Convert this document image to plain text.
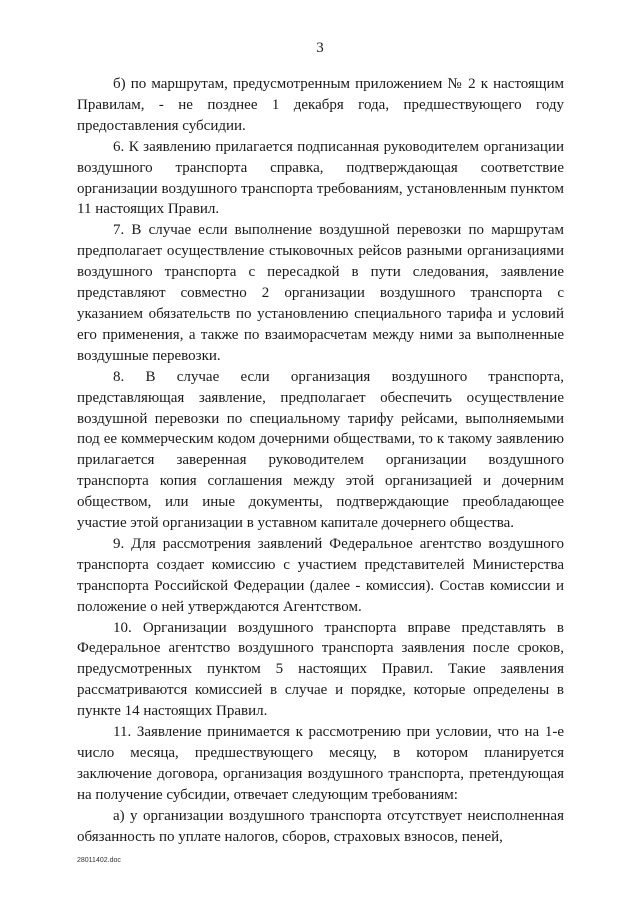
3

б) по маршрутам, предусмотренным приложением № 2 к настоящим Правилам, - не позднее 1 декабря года, предшествующего году предоставления субсидии.

6. К заявлению прилагается подписанная руководителем организации воздушного транспорта справка, подтверждающая соответствие организации воздушного транспорта требованиям, установленным пунктом 11 настоящих Правил.

7. В случае если выполнение воздушной перевозки по маршрутам предполагает осуществление стыковочных рейсов разными организациями воздушного транспорта с пересадкой в пути следования, заявление представляют совместно 2 организации воздушного транспорта с указанием обязательств по установлению специального тарифа и условий его применения, а также по взаиморасчетам между ними за выполненные воздушные перевозки.

8. В случае если организация воздушного транспорта, представляющая заявление, предполагает обеспечить осуществление воздушной перевозки по специальному тарифу рейсами, выполняемыми под ее коммерческим кодом дочерними обществами, то к такому заявлению прилагается заверенная руководителем организации воздушного транспорта копия соглашения между этой организацией и дочерним обществом, или иные документы, подтверждающие преобладающее участие этой организации в уставном капитале дочернего общества.

9. Для рассмотрения заявлений Федеральное агентство воздушного транспорта создает комиссию с участием представителей Министерства транспорта Российской Федерации (далее - комиссия). Состав комиссии и положение о ней утверждаются Агентством.

10. Организации воздушного транспорта вправе представлять в Федеральное агентство воздушного транспорта заявления после сроков, предусмотренных пунктом 5 настоящих Правил. Такие заявления рассматриваются комиссией в случае и порядке, которые определены в пункте 14 настоящих Правил.

11. Заявление принимается к рассмотрению при условии, что на 1-е число месяца, предшествующего месяцу, в котором планируется заключение договора, организация воздушного транспорта, претендующая на получение субсидии, отвечает следующим требованиям:

а) у организации воздушного транспорта отсутствует неисполненная обязанность по уплате налогов, сборов, страховых взносов, пеней,

28011402.doc
